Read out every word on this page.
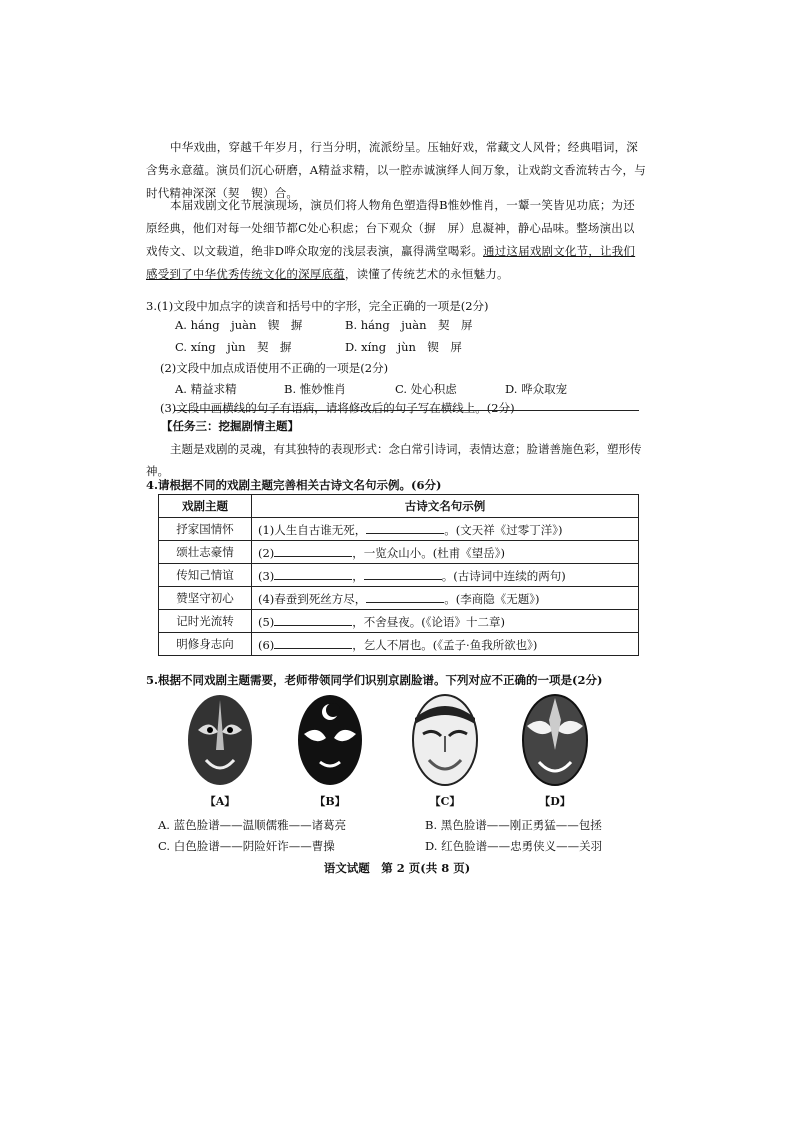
中华戏曲，穿越千年岁月，行当分明，流派纷呈。压轴好戏，常藏文人风骨；经典唱词，深含隽永意蕴。演员们沉心研磨，A精益求精，以一腔赤诚演绎人间万象，让戏韵文香流转古今，与时代精神深深（契　锲）合。
本届戏剧文化节展演现场，演员们将人物角色塑造得B惟妙惟肖，一颦一笑皆见功底；为还原经典，他们对每一处细节都C处心积虑；台下观众（摒　屏）息凝神，静心品味。整场演出以戏传文、以文载道，绝非D哗众取宠的浅层表演，赢得满堂喝彩。通过这届戏剧文化节，让我们感受到了中华优秀传统文化的深厚底蕴，读懂了传统艺术的永恒魅力。
3.(1)文段中加点字的读音和括号中的字形，完全正确的一项是(2分)
A. háng　juàn　锲　摒	B. háng　juàn　契　屏
C. xíng　jùn　契　摒	D. xíng　jùn　锲　屏
(2)文段中加点成语使用不正确的一项是(2分)
A. 精益求精	B. 惟妙惟肖	C. 处心积虑	D. 哗众取宠
(3)文段中画横线的句子有语病，请将修改后的句子写在横线上。(2分)
【任务三：挖掘剧情主题】
主题是戏剧的灵魂，有其独特的表现形式：念白常引诗词，表情达意；脸谱善施色彩，塑形传神。
4.请根据不同的戏剧主题完善相关古诗文名句示例。(6分)
戏剧主题	古诗文名句示例
抒家国情怀	(1)人生自古谁无死， 。(文天祥《过零丁洋》)
颂壮志豪情	(2) ，一览众山小。(杜甫《望岳》)
传知己情谊	(3) ， 。(古诗词中连续的两句)
赞坚守初心	(4)春蚕到死丝方尽， 。(李商隐《无题》)
记时光流转	(5) ，不舍昼夜。(《论语》十二章)
明修身志向	(6) ，乞人不屑也。(《孟子·鱼我所欲也》)
5.根据不同戏剧主题需要，老师带领同学们识别京剧脸谱。下列对应不正确的一项是(2分)
【A】	【B】	【C】	【D】
A. 蓝色脸谱——温顺儒雅——诸葛亮	B. 黑色脸谱——刚正勇猛——包拯
C. 白色脸谱——阴险奸诈——曹操	D. 红色脸谱——忠勇侠义——关羽
语文试题　第 2 页(共 8 页)
